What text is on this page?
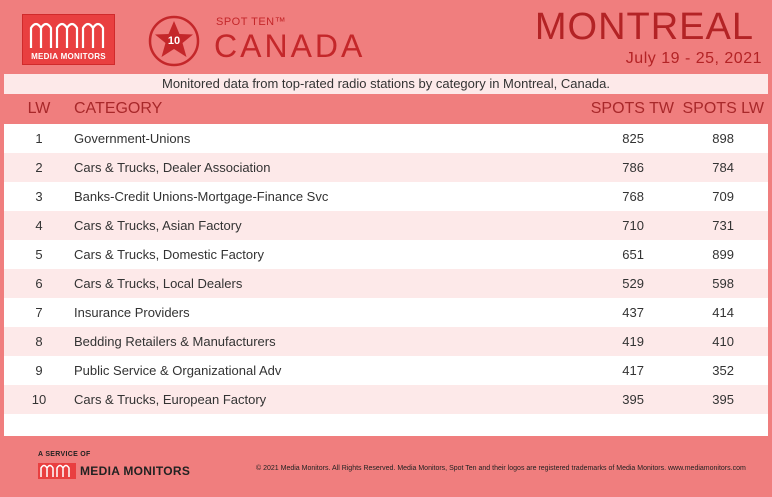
MEDIA MONITORS
10
SPOT TEN™
CANADA	MONTREAL
July 19 - 25, 2021
Monitored data from top-rated radio stations by category in Montreal, Canada.
LW	CATEGORY	SPOTS TW SPOTS LW
1	Government-Unions	825	898
2	Cars & Trucks, Dealer Association	786	784
3	Banks-Credit Unions-Mortgage-Finance Svc	768	709
4	Cars & Trucks, Asian Factory	710	731
5	Cars & Trucks, Domestic Factory	651	899
6	Cars & Trucks, Local Dealers	529	598
7	Insurance Providers	437	414
8	Bedding Retailers & Manufacturers	419	410
9	Public Service & Organizational Adv	417	352
10	Cars & Trucks, European Factory	395	395
A SERVICE OF
MEDIA MONITORS	© 2021 Media Monitors. All Rights Reserved. Media Monitors, Spot Ten and their logos are registered trademarks of Media Monitors. www.mediamonitors.com
